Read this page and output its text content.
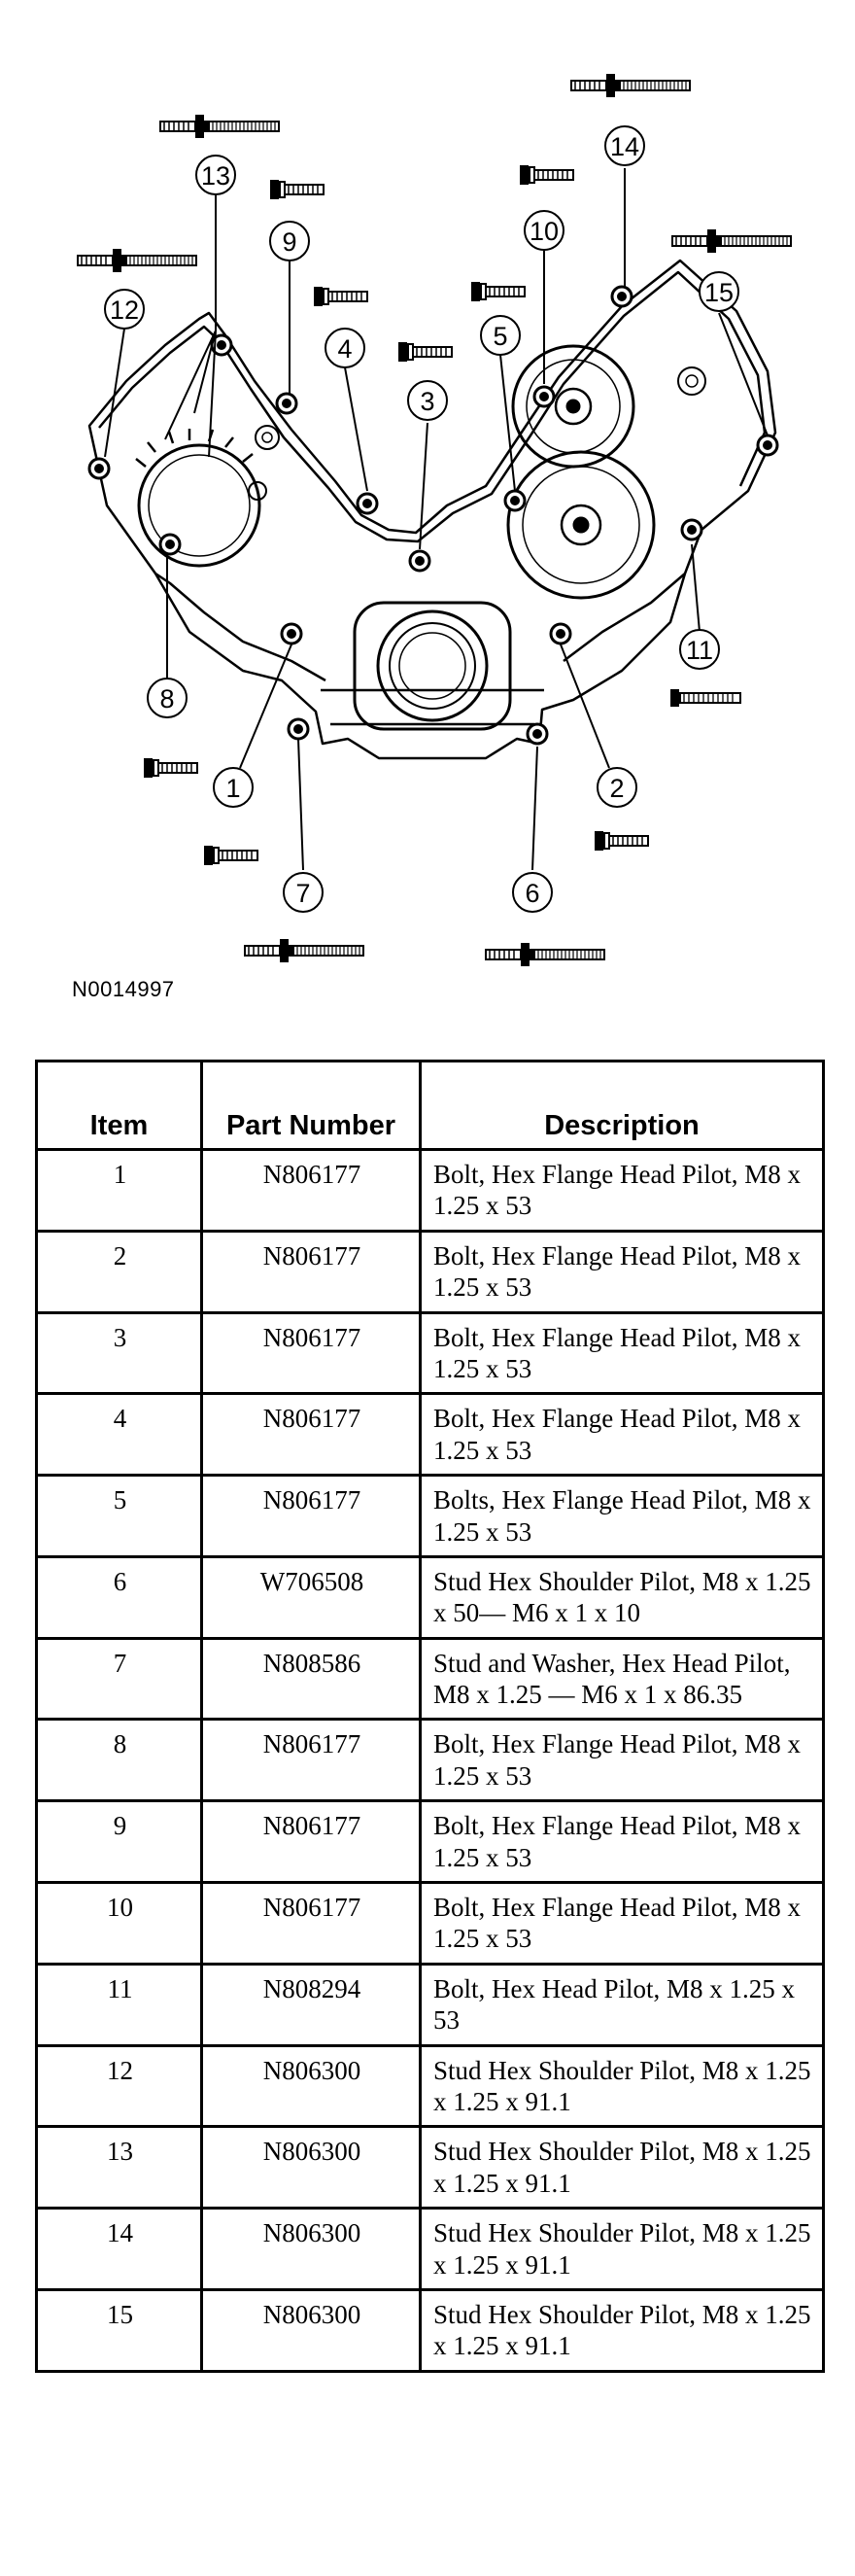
13
12
9
4
3
5
10
14
15
11
8
1	2
7	6
N0014997
Item	Part Number	Description
1	N806177	Bolt, Hex Flange Head Pilot, M8 x 1.25 x 53
2	N806177	Bolt, Hex Flange Head Pilot, M8 x 1.25 x 53
3	N806177	Bolt, Hex Flange Head Pilot, M8 x 1.25 x 53
4	N806177	Bolt, Hex Flange Head Pilot, M8 x 1.25 x 53
5	N806177	Bolts, Hex Flange Head Pilot, M8 x 1.25 x 53
6	W706508	Stud Hex Shoulder Pilot, M8 x 1.25 x 50— M6 x 1 x 10
7	N808586	Stud and Washer, Hex Head Pilot, M8 x 1.25 — M6 x 1 x 86.35
8	N806177	Bolt, Hex Flange Head Pilot, M8 x 1.25 x 53
9	N806177	Bolt, Hex Flange Head Pilot, M8 x 1.25 x 53
10	N806177	Bolt, Hex Flange Head Pilot, M8 x 1.25 x 53
11	N808294	Bolt, Hex Head Pilot, M8 x 1.25 x 53
12	N806300	Stud Hex Shoulder Pilot, M8 x 1.25 x 1.25 x 91.1
13	N806300	Stud Hex Shoulder Pilot, M8 x 1.25 x 1.25 x 91.1
14	N806300	Stud Hex Shoulder Pilot, M8 x 1.25 x 1.25 x 91.1
15	N806300	Stud Hex Shoulder Pilot, M8 x 1.25 x 1.25 x 91.1
